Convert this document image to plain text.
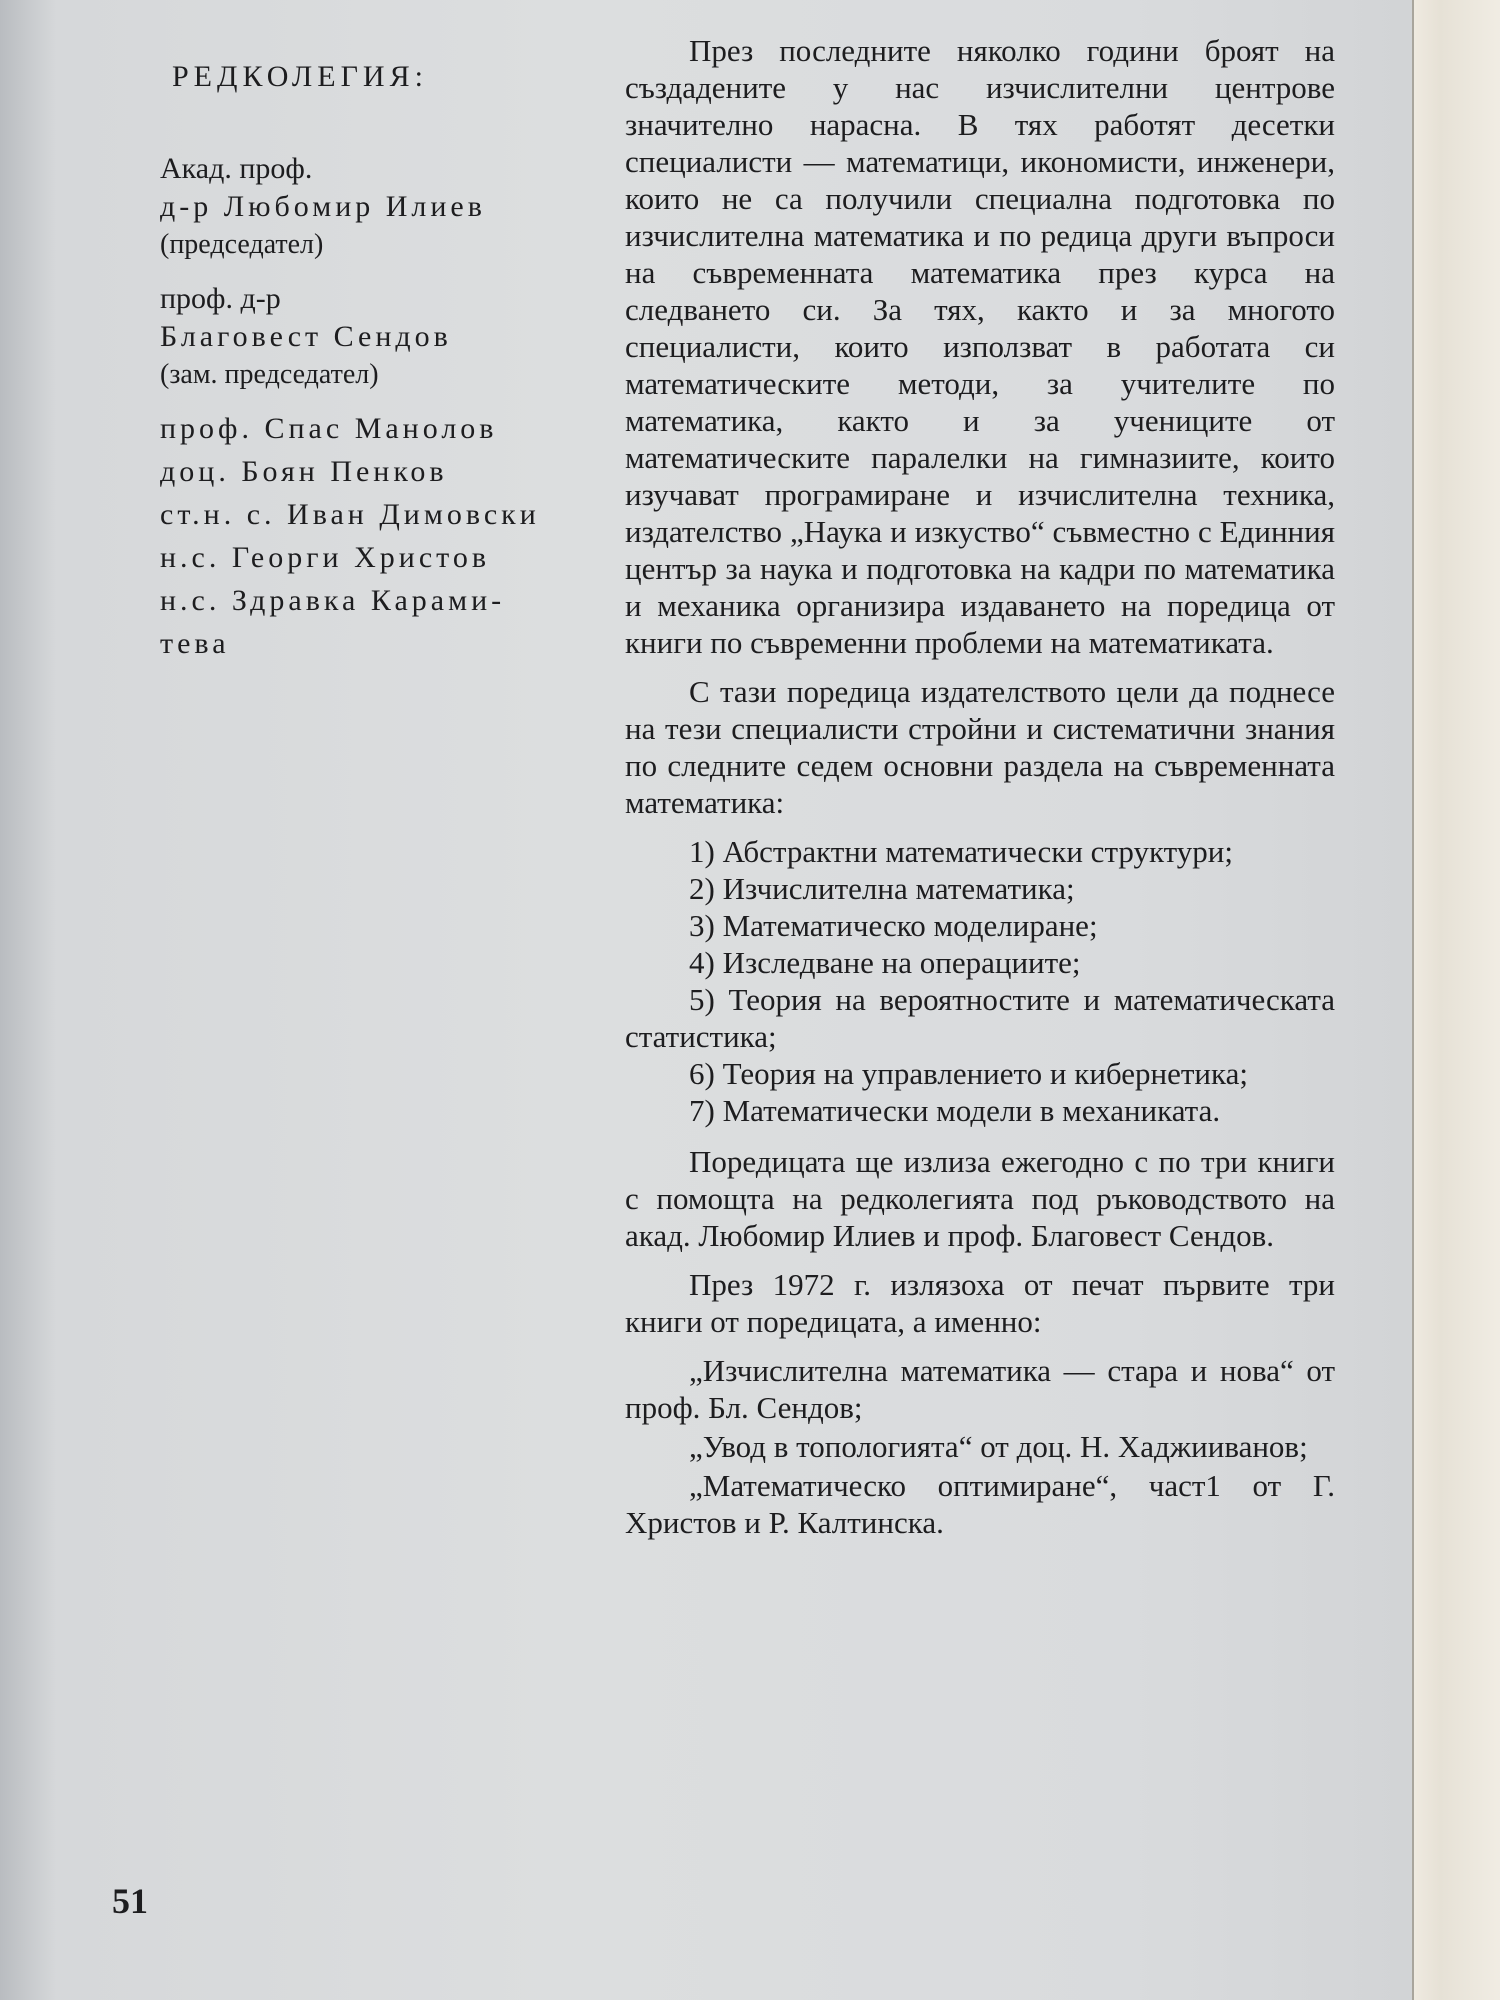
РЕДКОЛЕГИЯ:
Акад. проф.
д-р Любомир Илиев
(председател)
проф. д-р
Благовест Сендов
(зам. председател)
проф. Спас Манолов
доц. Боян Пенков
ст.н. с. Иван Димовски
н.с. Георги Христов
н.с. Здравка Карами-
тева

През последните няколко години броят на създадените у нас изчислителни центрове значително нарасна. В тях работят десетки специалисти — математици, икономисти, инженери, които не са получили специална подготовка по изчислителна математика и по редица други въпроси на съвременната математика през курса на следването си. За тях, както и за многото специалисти, които използват в работата си математическите методи, за учителите по математика, както и за учениците от математическите паралелки на гимназиите, които изучават програмиране и изчислителна техника, издателство „Наука и изкуство“ съвместно с Единния център за наука и подготовка на кадри по математика и механика организира издаването на поредица от книги по съвременни проблеми на математиката.

С тази поредица издателството цели да поднесе на тези специалисти стройни и систематични знания по следните седем основни раздела на съвременната математика:

1) Абстрактни математически структури;

2) Изчислителна математика;

3) Математическо моделиране;

4) Изследване на операциите;

5) Теория на вероятностите и математическата статистика;

6) Теория на управлението и кибернетика;

7) Математически модели в механиката.

Поредицата ще излиза ежегодно с по три книги с помощта на редколегията под ръководството на акад. Любомир Илиев и проф. Благовест Сендов.

През 1972 г. излязоха от печат първите три книги от поредицата, а именно:

„Изчислителна математика — стара и нова“ от проф. Бл. Сендов;

„Увод в топологията“ от доц. Н. Хаджииванов;

„Математическо оптимиране“, част1 от Г. Христов и Р. Калтинска.

51
